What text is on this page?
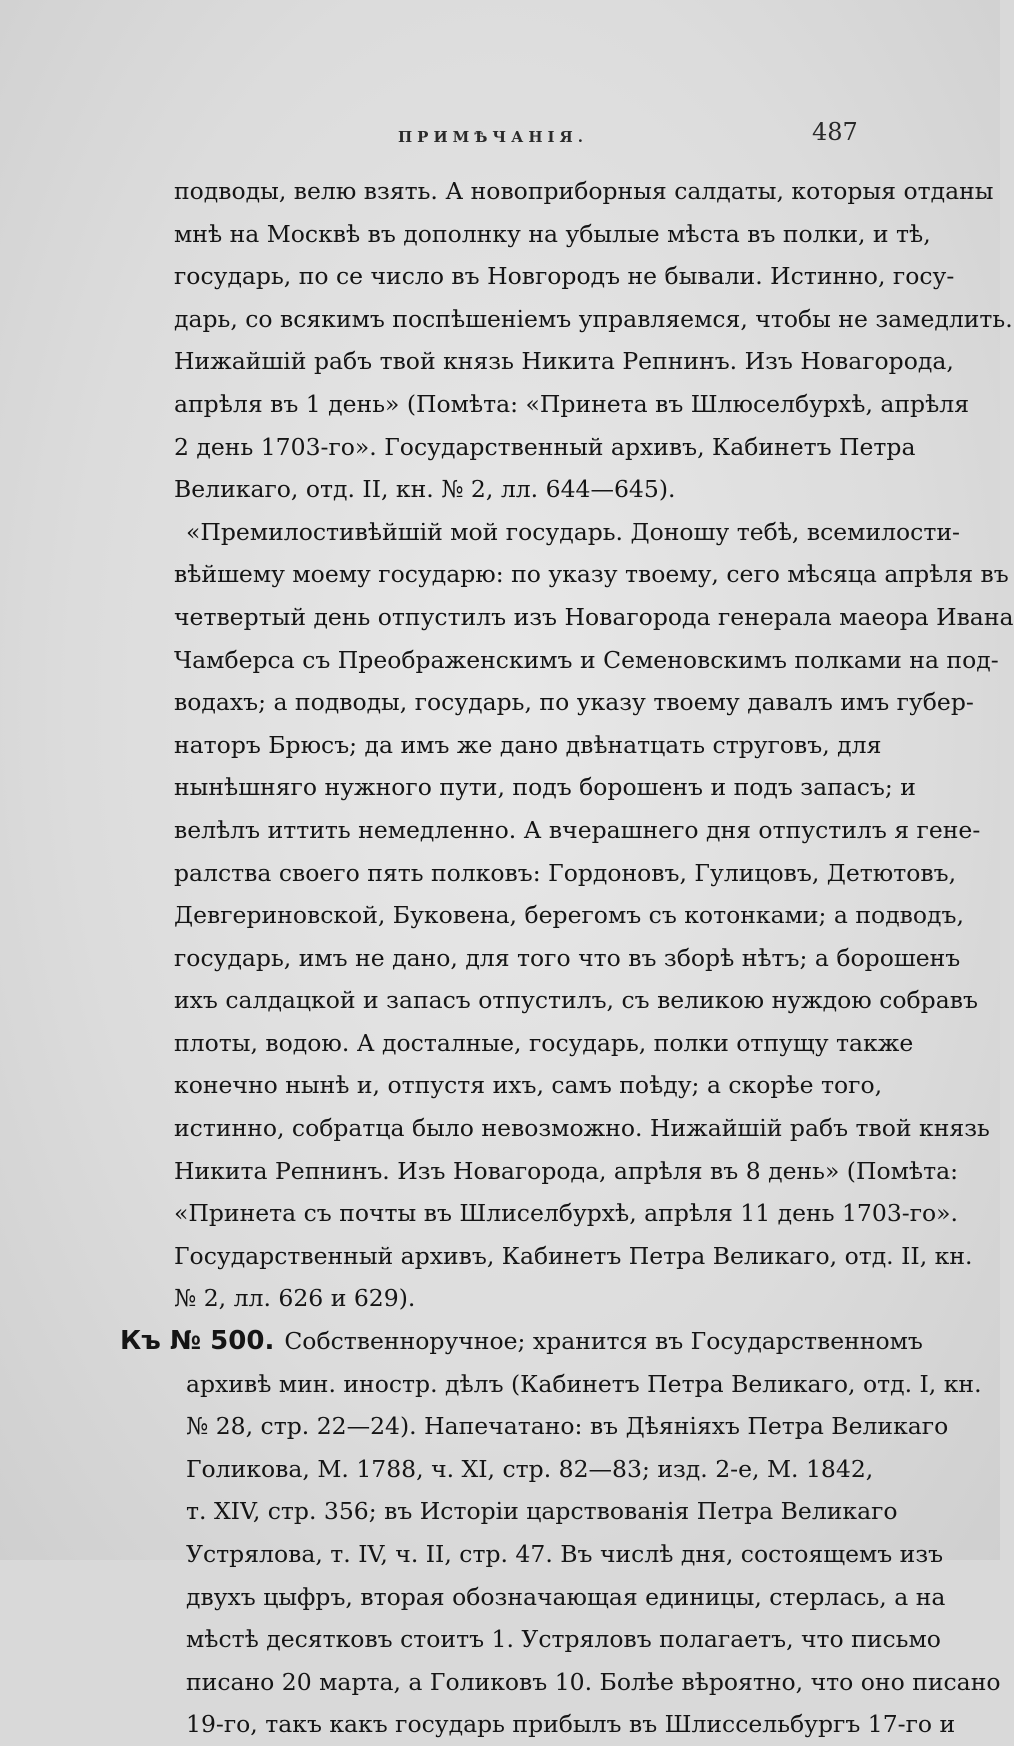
ПРИМѢЧАНІЯ.	487
подводы, велю взять. А новоприборныя салдаты, которыя отданы
мнѣ на Москвѣ въ дополнку на убылые мѣста въ полки, и тѣ,
государь, по се число въ Новгородъ не бывали. Истинно, госу-
дарь, со всякимъ поспѣшеніемъ управляемся, чтобы не замедлить.
Нижайшій рабъ твой князь Никита Репнинъ. Изъ Новагорода,
апрѣля въ 1 день» (Помѣта: «Принета въ Шлюселбурхѣ, апрѣля
2 день 1703-го». Государственный архивъ, Кабинетъ Петра
Великаго, отд. II, кн. № 2, лл. 644—645).
«Премилостивѣйшій мой государь. Доношу тебѣ, всемилости-
вѣйшему моему государю: по указу твоему, сего мѣсяца апрѣля въ
четвертый день отпустилъ изъ Новагорода генерала маеора Ивана
Чамберса съ Преображенскимъ и Семеновскимъ полками на под-
водахъ; а подводы, государь, по указу твоему давалъ имъ губер-
наторъ Брюсъ; да имъ же дано двѣнатцать струговъ, для
нынѣшняго нужного пути, подъ борошенъ и подъ запасъ; и
велѣлъ иттить немедленно. А вчерашнего дня отпустилъ я гене-
ралства своего пять полковъ: Гордоновъ, Гулицовъ, Детютовъ,
Девгериновской, Буковена, берегомъ съ котонками; а подводъ,
государь, имъ не дано, для того что въ зборѣ нѣтъ; а борошенъ
ихъ салдацкой и запасъ отпустилъ, съ великою нуждою собравъ
плоты, водою. А досталные, государь, полки отпущу также
конечно нынѣ и, отпустя ихъ, самъ поѣду; а скорѣе того,
истинно, собратца было невозможно. Нижайшій рабъ твой князь
Никита Репнинъ. Изъ Новагорода, апрѣля въ 8 день» (Помѣта:
«Принета съ почты въ Шлиселбурхѣ, апрѣля 11 день 1703-го».
Государственный архивъ, Кабинетъ Петра Великаго, отд. II, кн.
№ 2, лл. 626 и 629).
Къ № 500. Собственноручное; хранится въ Государственномъ
архивѣ мин. иностр. дѣлъ (Кабинетъ Петра Великаго, отд. I, кн.
№ 28, стр. 22—24). Напечатано: въ Дѣяніяхъ Петра Великаго
Голикова, М. 1788, ч. XI, стр. 82—83; изд. 2-е, М. 1842,
т. XIV, стр. 356; въ Исторіи царствованія Петра Великаго
Устрялова, т. IV, ч. II, стр. 47. Въ числѣ дня, состоящемъ изъ
двухъ цыфръ, вторая обозначающая единицы, стерлась, а на
мѣстѣ десятковъ стоитъ 1. Устряловъ полагаетъ, что письмо
писано 20 марта, а Голиковъ 10. Болѣе вѣроятно, что оно писано
19-го, такъ какъ государь прибылъ въ Шлиссельбургъ 17-го и
